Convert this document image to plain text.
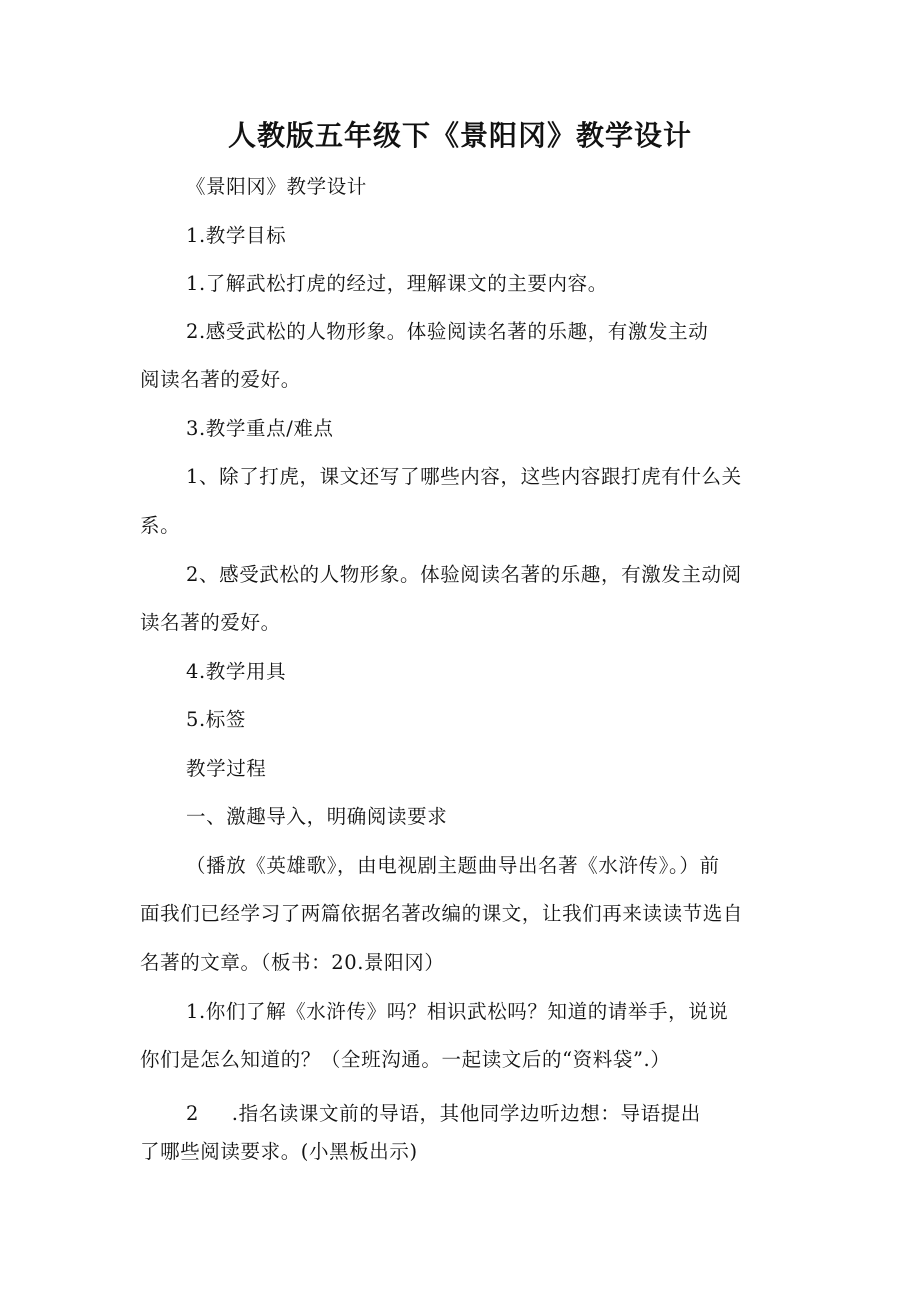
人教版五年级下《景阳冈》教学设计

《景阳冈》教学设计

1.教学目标

1.了解武松打虎的经过，理解课文的主要内容。

2.感受武松的人物形象。体验阅读名著的乐趣，有激发主动

阅读名著的爱好。

3.教学重点/难点

1、除了打虎，课文还写了哪些内容，这些内容跟打虎有什么关

系。

2、感受武松的人物形象。体验阅读名著的乐趣，有激发主动阅

读名著的爱好。

4.教学用具

5.标签

教学过程

一、激趣导入，明确阅读要求

（播放《英雄歌》，由电视剧主题曲导出名著《水浒传》。）前

面我们已经学习了两篇依据名著改编的课文，让我们再来读读节选自

名著的文章。（板书：20.景阳冈）

1.你们了解《水浒传》吗？相识武松吗？知道的请举手，说说

你们是怎么知道的？（全班沟通。一起读文后的“资料袋”.）

2 .指名读课文前的导语，其他同学边听边想：导语提出

了哪些阅读要求。(小黑板出示)
